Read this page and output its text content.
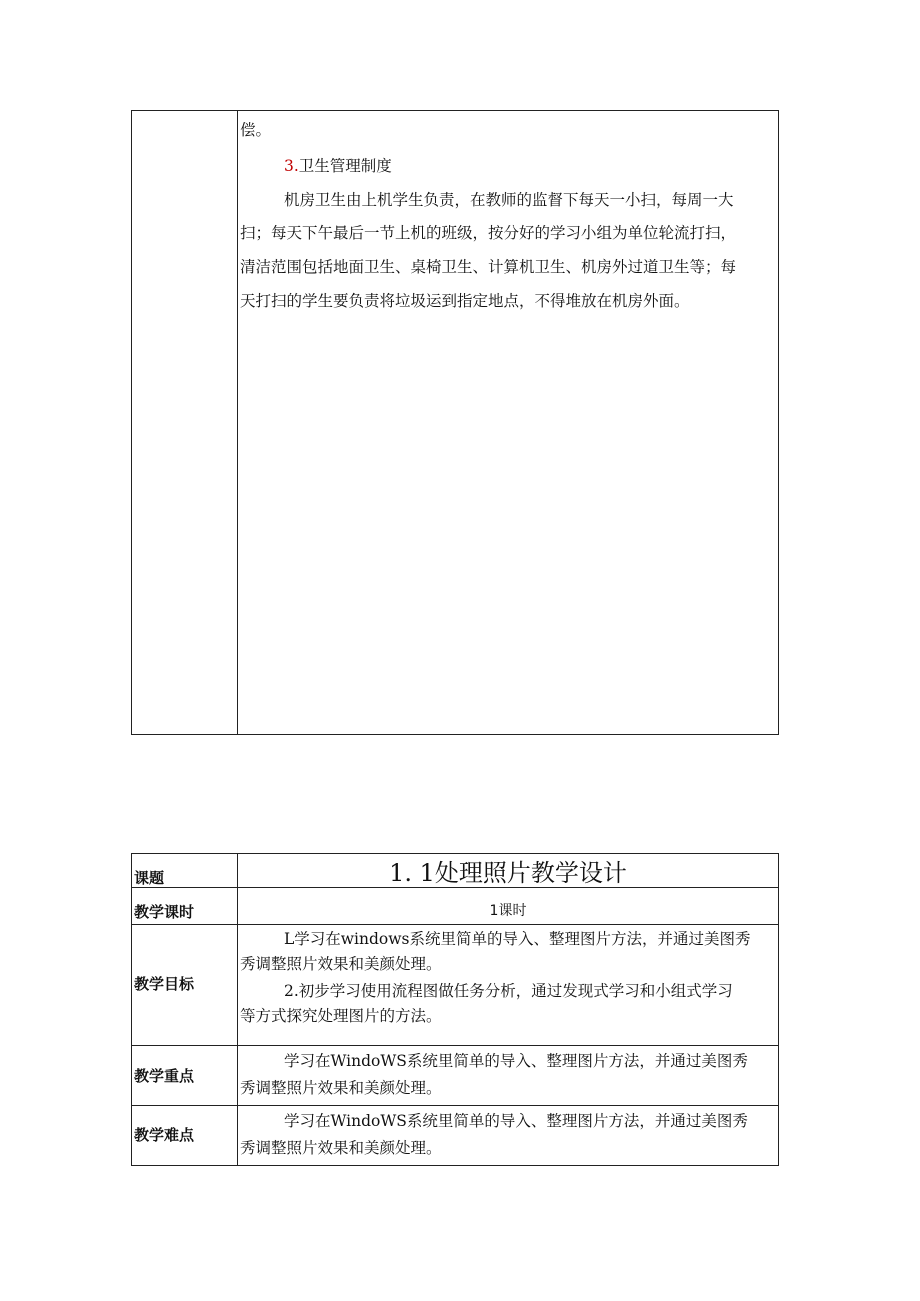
偿。
3.卫生管理制度
机房卫生由上机学生负责，在教师的监督下每天一小扫，每周一大
扫；每天下午最后一节上机的班级，按分好的学习小组为单位轮流打扫，
清洁范围包括地面卫生、桌椅卫生、计算机卫生、机房外过道卫生等；每
天打扫的学生要负责将垃圾运到指定地点，不得堆放在机房外面。
课题	1. 1处理照片教学设计
教学课时	1课时
教学目标
L学习在windows系统里简单的导入、整理图片方法，并通过美图秀
秀调整照片效果和美颜处理。
2.初步学习使用流程图做任务分析，通过发现式学习和小组式学习
等方式探究处理图片的方法。
教学重点
学习在WindoWS系统里简单的导入、整理图片方法，并通过美图秀
秀调整照片效果和美颜处理。
教学难点
学习在WindoWS系统里简单的导入、整理图片方法，并通过美图秀
秀调整照片效果和美颜处理。
